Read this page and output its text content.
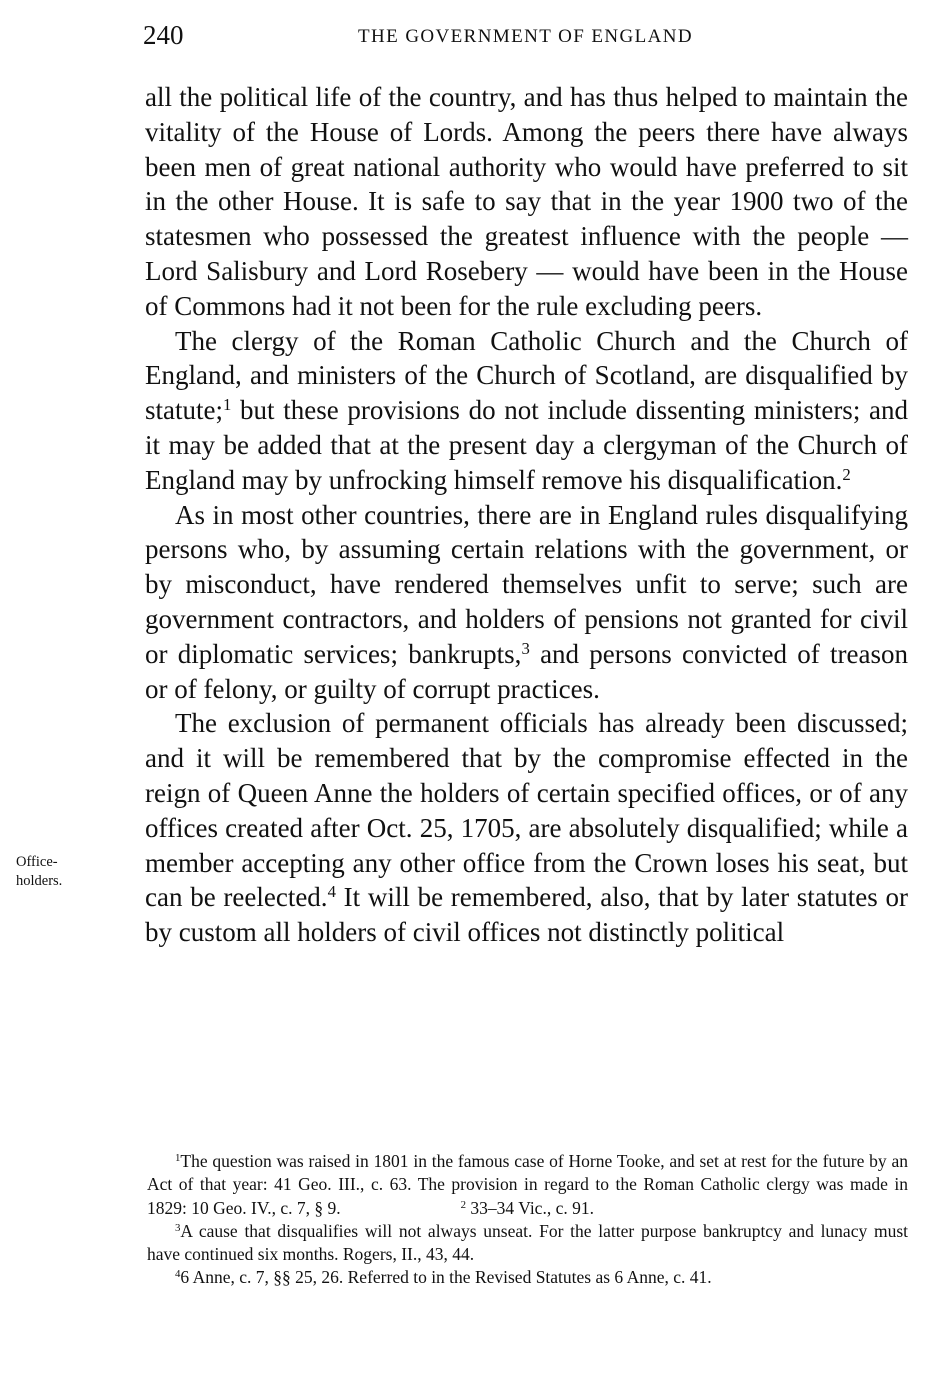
240	THE GOVERNMENT OF ENGLAND
Office-
holders.

all the political life of the country, and has thus helped to maintain the vitality of the House of Lords. Among the peers there have always been men of great national authority who would have preferred to sit in the other House. It is safe to say that in the year 1900 two of the statesmen who possessed the greatest influence with the people — Lord Salisbury and Lord Rosebery — would have been in the House of Commons had it not been for the rule excluding peers.

The clergy of the Roman Catholic Church and the Church of England, and ministers of the Church of Scotland, are disqualified by statute;$^1$ but these provisions do not include dissenting ministers; and it may be added that at the present day a clergyman of the Church of England may by unfrocking himself remove his disqualification.$^2$

As in most other countries, there are in England rules disqualifying persons who, by assuming certain relations with the government, or by misconduct, have rendered themselves unfit to serve; such are government contractors, and holders of pensions not granted for civil or diplomatic services; bankrupts,$^3$ and persons convicted of treason or of felony, or guilty of corrupt practices.

The exclusion of permanent officials has already been discussed; and it will be remembered that by the compromise effected in the reign of Queen Anne the holders of certain specified offices, or of any offices created after Oct. 25, 1705, are absolutely disqualified; while a member accepting any other office from the Crown loses his seat, but can be reelected.$^4$ It will be remembered, also, that by later statutes or by custom all holders of civil offices not distinctly political

$^1$The question was raised in 1801 in the famous case of Horne Tooke, and set at rest for the future by an Act of that year: 41 Geo. III., c. 63. The provision in regard to the Roman Catholic clergy was made in 1829: 10 Geo. IV., c. 7, § 9.	$^2$ 33–34 Vic., c. 91.

$^3$A cause that disqualifies will not always unseat. For the latter purpose bankruptcy and lunacy must have continued six months. Rogers, II., 43, 44.

$^4$6 Anne, c. 7, §§ 25, 26. Referred to in the Revised Statutes as 6 Anne, c. 41.
